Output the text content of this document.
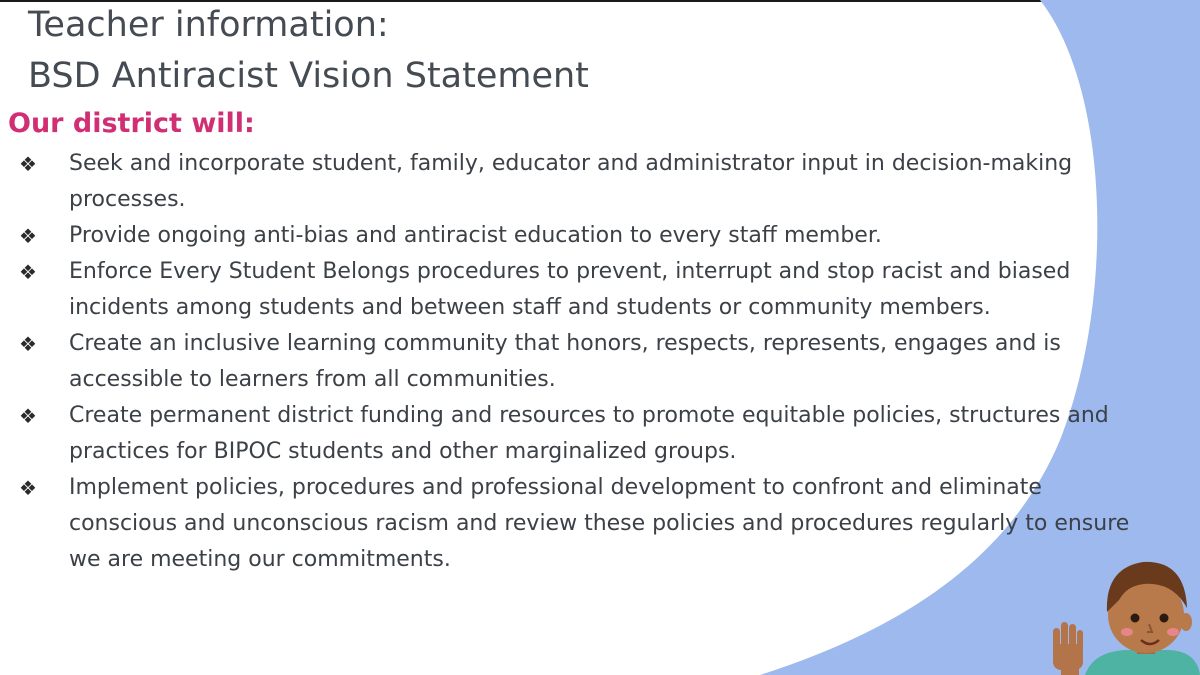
Teacher information:
BSD Antiracist Vision Statement
Our district will:
❖ Seek and incorporate student, family, educator and administrator input in decision-making processes.
❖ Provide ongoing anti-bias and antiracist education to every staff member.
❖ Enforce Every Student Belongs procedures to prevent, interrupt and stop racist and biased incidents among students and between staff and students or community members.
❖ Create an inclusive learning community that honors, respects, represents, engages and is accessible to learners from all communities.
❖ Create permanent district funding and resources to promote equitable policies, structures and practices for BIPOC students and other marginalized groups.
❖ Implement policies, procedures and professional development to confront and eliminate conscious and unconscious racism and review these policies and procedures regularly to ensure we are meeting our commitments.
